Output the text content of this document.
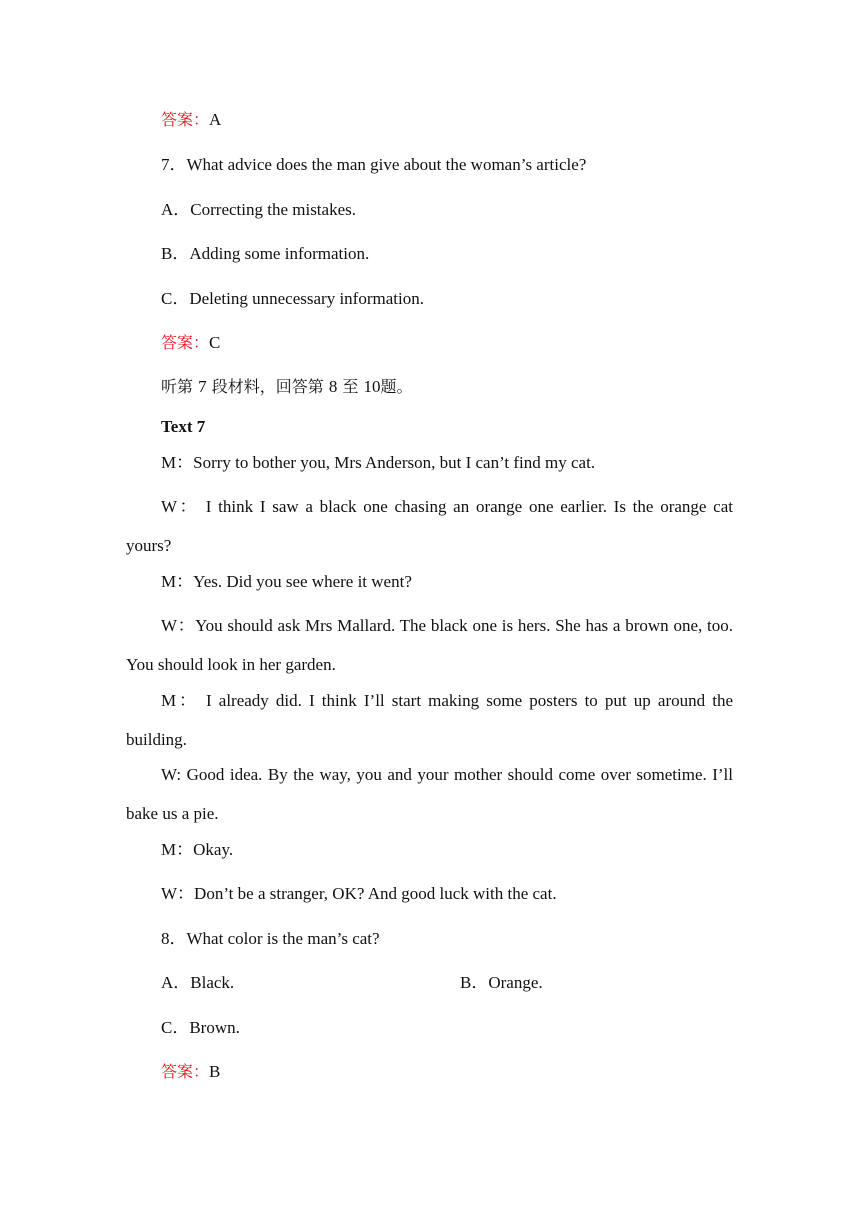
答案：A
7．What advice does the man give about the woman’s article?
A．Correcting the mistakes.
B．Adding some information.
C．Deleting unnecessary information.
答案：C
听第 7 段材料，回答第 8 至 10题。
Text 7
M：Sorry to bother you, Mrs Anderson, but I can’t find my cat.
W： I think I saw a black one chasing an orange one earlier. Is the orange cat
yours?
M：Yes. Did you see where it went?
W：You should ask Mrs Mallard. The black one is hers. She has a brown one, too.
You should look in her garden.
M： I already did. I think I’ll start making some posters to put up around the
building.
W: Good idea. By the way, you and your mother should come over sometime. I’ll
bake us a pie.
M：Okay.
W：Don’t be a stranger, OK? And good luck with the cat.
8．What color is the man’s cat?
A．Black.	B．Orange.
C．Brown.
答案：B
